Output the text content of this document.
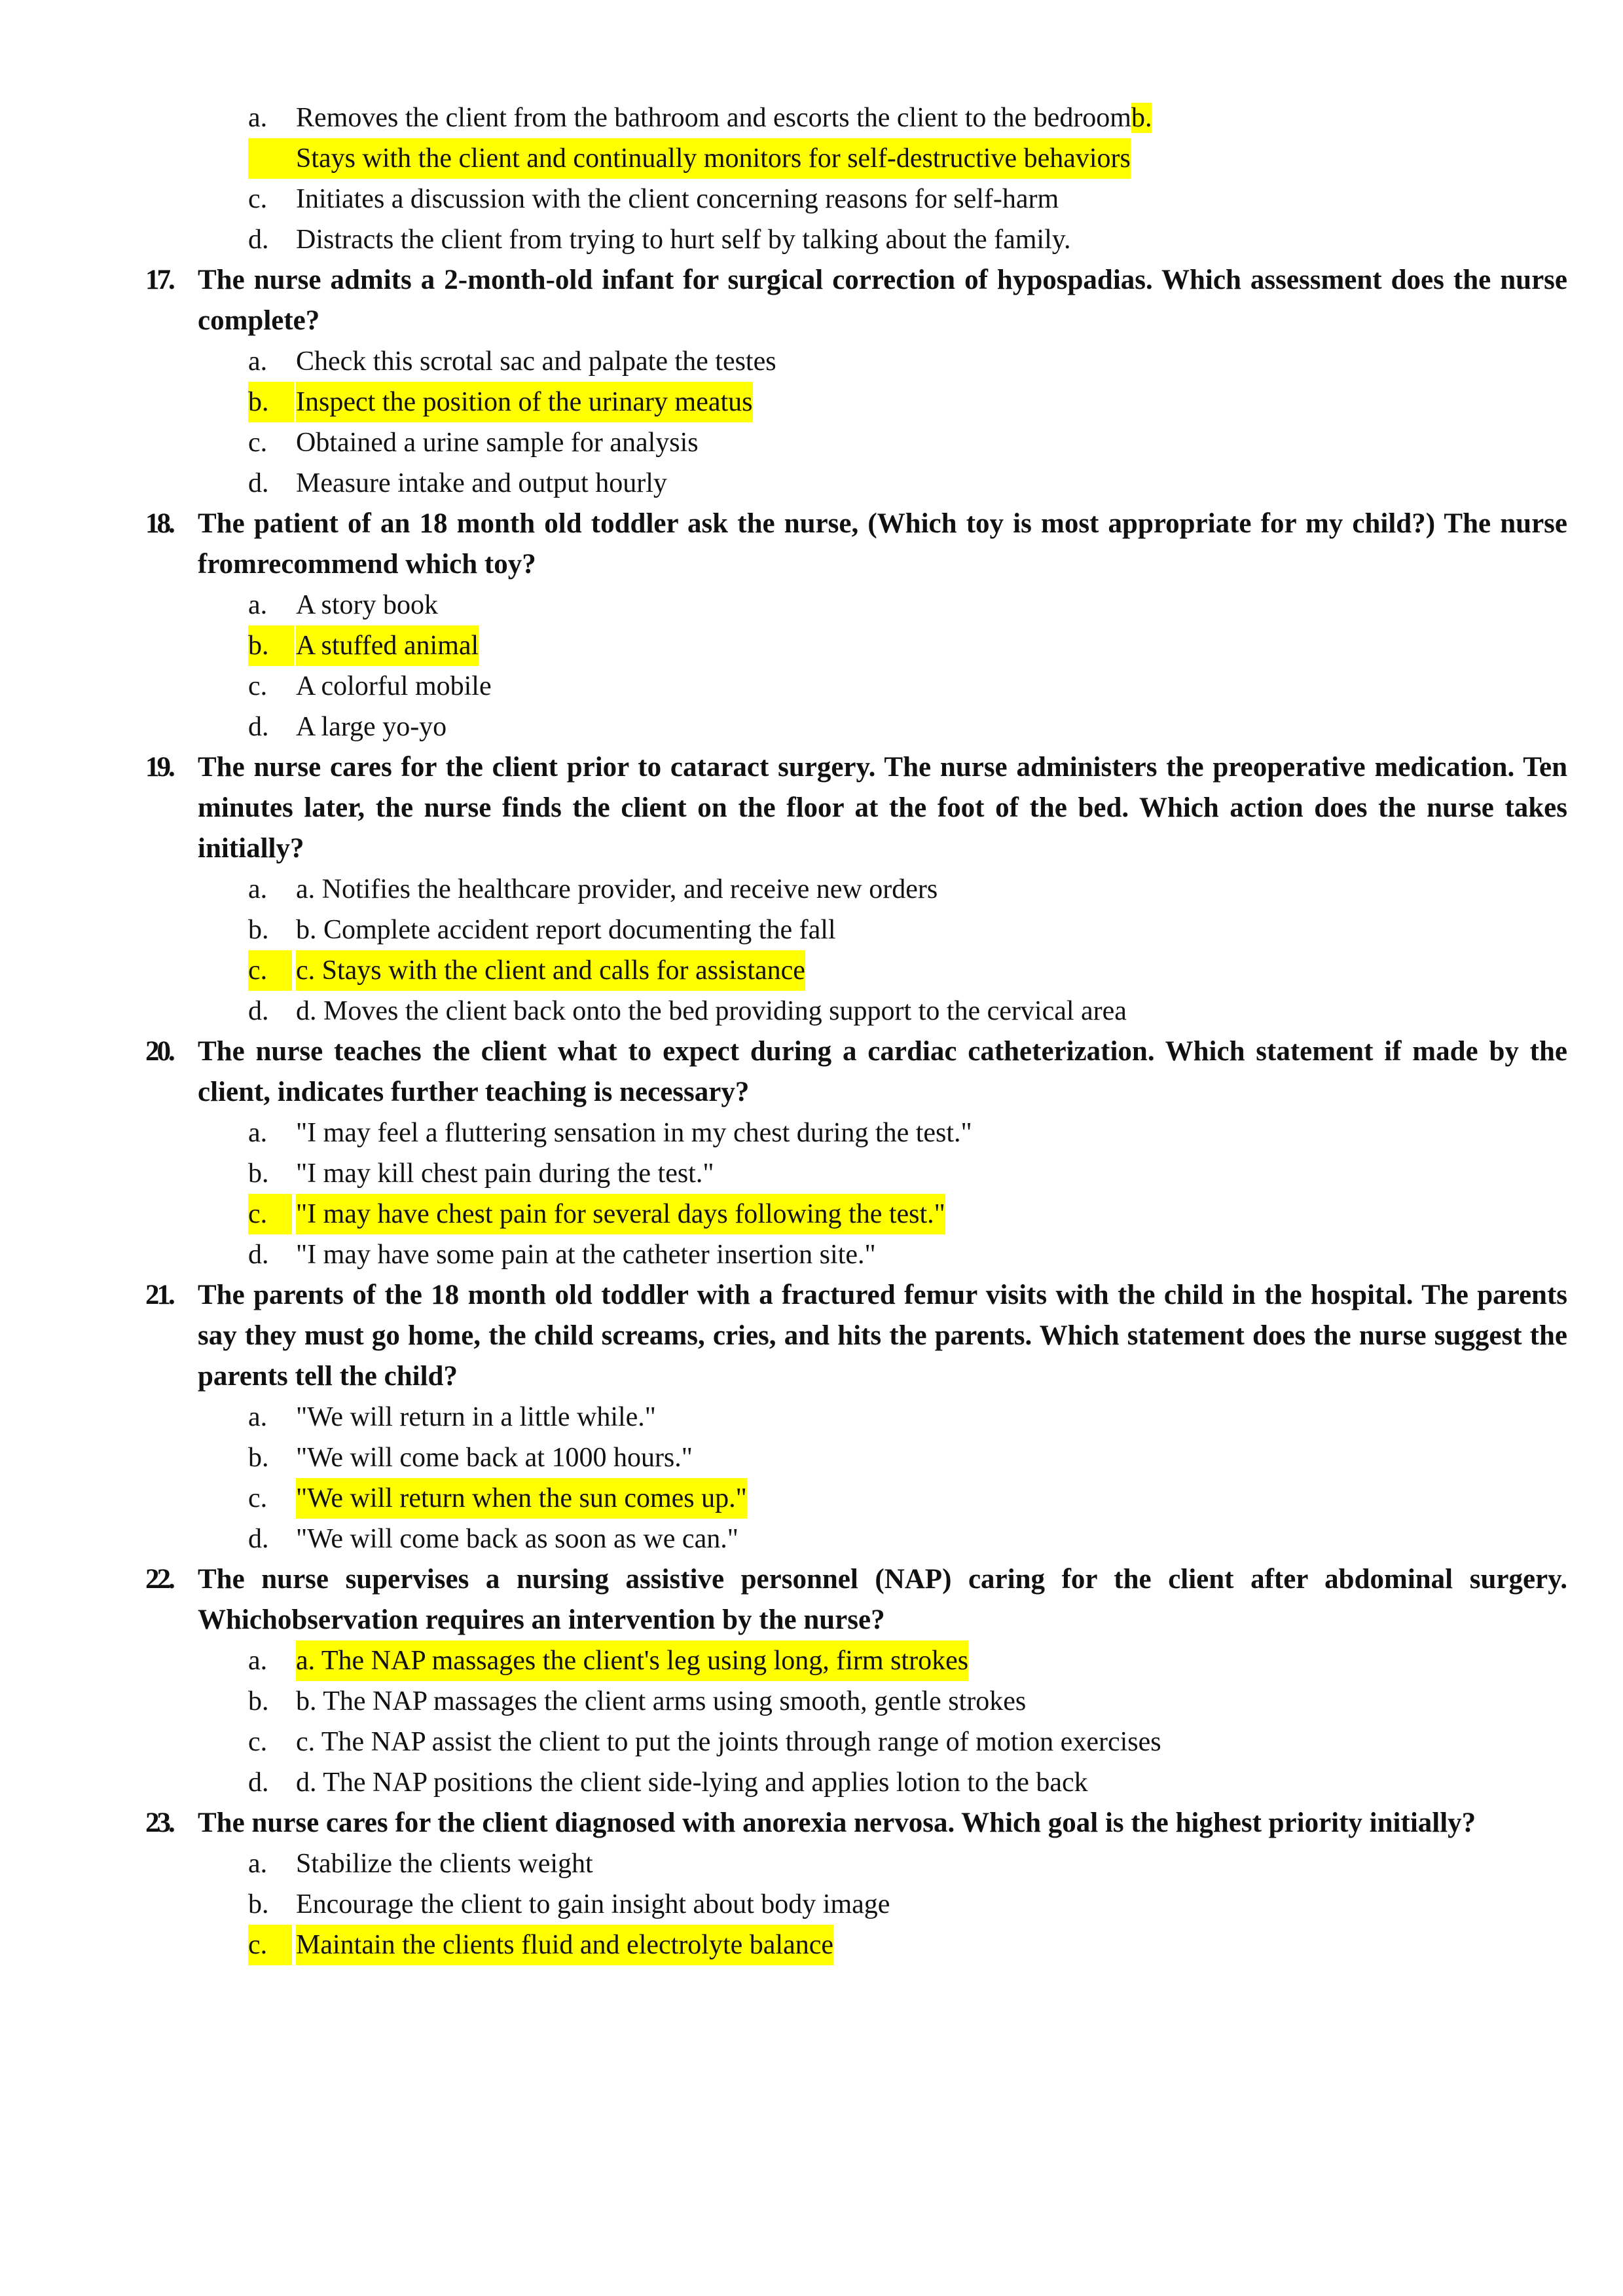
a. Removes the client from the bathroom and escorts the client to the bedroomb.
Stays with the client and continually monitors for self-destructive behaviors
c. Initiates a discussion with the client concerning reasons for self-harm
d. Distracts the client from trying to hurt self by talking about the family.
17. The nurse admits a 2-month-old infant for surgical correction of hypospadias. Which assessment does the nurse complete?
a. Check this scrotal sac and palpate the testes
b. Inspect the position of the urinary meatus
c. Obtained a urine sample for analysis
d. Measure intake and output hourly
18. The patient of an 18 month old toddler ask the nurse, (Which toy is most appropriate for my child?) The nurse fromrecommend which toy?
a. A story book
b. A stuffed animal
c. A colorful mobile
d. A large yo-yo
19. The nurse cares for the client prior to cataract surgery. The nurse administers the preoperative medication. Ten minutes later, the nurse finds the client on the floor at the foot of the bed. Which action does the nurse takes initially?
a. a. Notifies the healthcare provider, and receive new orders
b. b. Complete accident report documenting the fall
c.	c. Stays with the client and calls for assistance
d. d. Moves the client back onto the bed providing support to the cervical area
20. The nurse teaches the client what to expect during a cardiac catheterization. Which statement if made by the client, indicates further teaching is necessary?
a. "I may feel a fluttering sensation in my chest during the test."
b. "I may kill chest pain during the test."
c.	"I may have chest pain for several days following the test."
d. "I may have some pain at the catheter insertion site."
21. The parents of the 18 month old toddler with a fractured femur visits with the child in the hospital. The parents say they must go home, the child screams, cries, and hits the parents. Which statement does the nurse suggest the parents tell the child?
a. "We will return in a little while."
b. "We will come back at 1000 hours."
c. "We will return when the sun comes up."
d. "We will come back as soon as we can."
22. The nurse supervises a nursing assistive personnel (NAP) caring for the client after abdominal surgery. Whichobservation requires an intervention by the nurse?
a. a. The NAP massages the client's leg using long, firm strokes
b. b. The NAP massages the client arms using smooth, gentle strokes
c. c. The NAP assist the client to put the joints through range of motion exercises
d. d. The NAP positions the client side-lying and applies lotion to the back
23. The nurse cares for the client diagnosed with anorexia nervosa. Which goal is the highest priority initially?
a. Stabilize the clients weight
b. Encourage the client to gain insight about body image
c.	Maintain the clients fluid and electrolyte balance
